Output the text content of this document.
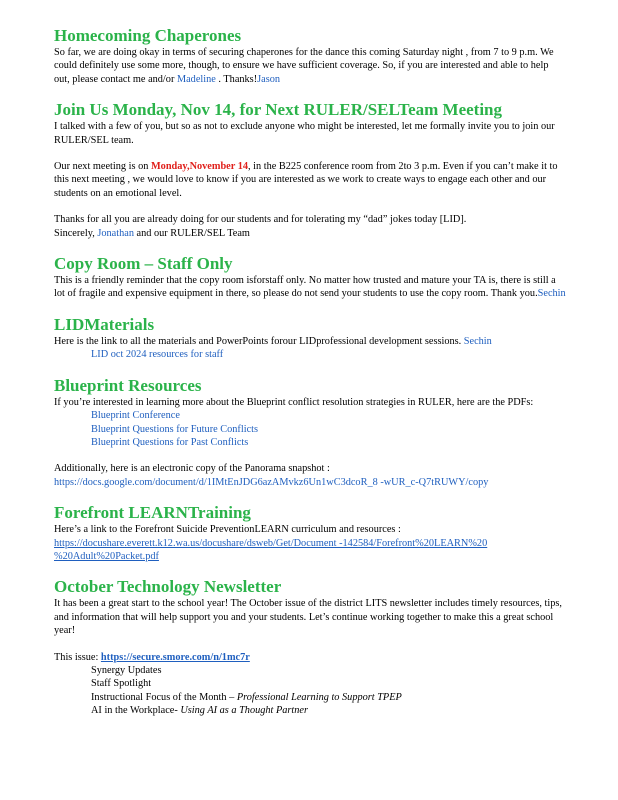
Homecoming Chaperones

So far, we are doing okay in terms of securing chaperones for the dance this coming Saturday night , from 7 to 9 p.m. We could definitely use some more, though, to ensure we have sufficient coverage. So, if you are interested and able to help out, please contact me and/or Madeline . Thanks!Jason

Join Us Monday, Nov 14, for Next RULER/SELTeam Meeting

I talked with a few of you, but so as not to exclude anyone who might be interested, let me formally invite you to join our RULER/SEL team.

Our next meeting is on Monday,November 14, in the B225 conference room from 2to 3 p.m. Even if you can’t make it to this next meeting , we would love to know if you are interested as we work to create ways to engage each other and our students on an emotional level.

Thanks for all you are already doing for our students and for tolerating my “dad” jokes today [LID].

Sincerely, Jonathan and our RULER/SEL Team

Copy Room – Staff Only

This is a friendly reminder that the copy room isforstaff only. No matter how trusted and mature your TA is, there is still a lot of fragile and expensive equipment in there, so please do not send your students to use the copy room. Thank you.Sechin

LIDMaterials

Here is the link to all the materials and PowerPoints forour LIDprofessional development sessions. Sechin

LID oct 2024 resources for staff

Blueprint Resources

If you’re interested in learning more about the Blueprint conflict resolution strategies in RULER, here are the PDFs:

Blueprint Conference

Blueprint Questions for Future Conflicts

Blueprint Questions for Past Conflicts

Additionally, here is an electronic copy of the Panorama snapshot :

https://docs.google.com/document/d/1IMtEnJDG6azAMvkz6Un1wC3dcoR_8 -wUR_c-Q7tRUWY/copy

Forefront LEARNTraining

Here’s a link to the Forefront Suicide PreventionLEARN curriculum and resources :

https://docushare.everett.k12.wa.us/docushare/dsweb/Get/Document -142584/Forefront%20LEARN%20

%20Adult%20Packet.pdf

October Technology Newsletter

It has been a great start to the school year! The October issue of the district LITS newsletter includes timely resources, tips, and information that will help support you and your students. Let’s continue working together to make this a great school year!

This issue: https://secure.smore.com/n/1mc7r

Synergy Updates

Staff Spotlight

Instructional Focus of the Month – Professional Learning to Support TPEP

AI in the Workplace- Using AI as a Thought Partner
